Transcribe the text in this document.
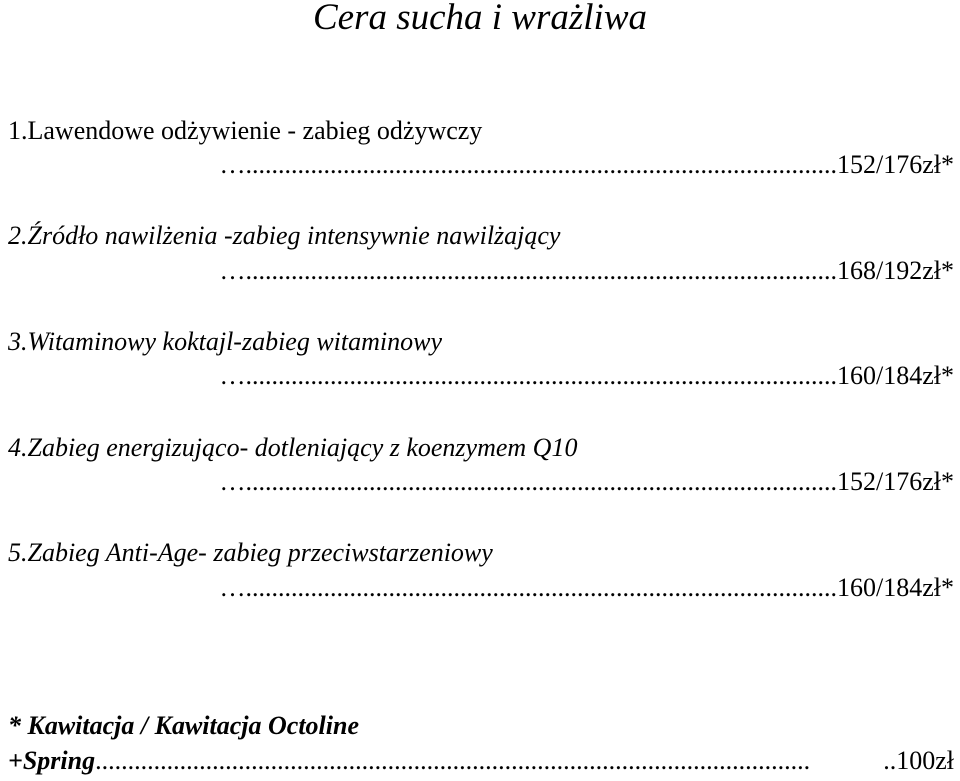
Cera sucha i wrażliwa
1.Lawendowe odżywienie - zabieg odżywczy
…...........................................................................................152/176zł*
2.Źródło nawilżenia -zabieg intensywnie nawilżający
…...........................................................................................168/192zł*
3.Witaminowy koktajl-zabieg witaminowy
…...........................................................................................160/184zł*
4.Zabieg energizująco- dotleniający z koenzymem Q10
…...........................................................................................152/176zł*
5.Zabieg Anti-Age- zabieg przeciwstarzeniowy
…...........................................................................................160/184zł*
* Kawitacja / Kawitacja Octoline
+Spring..............................................................................................................	..100zł
